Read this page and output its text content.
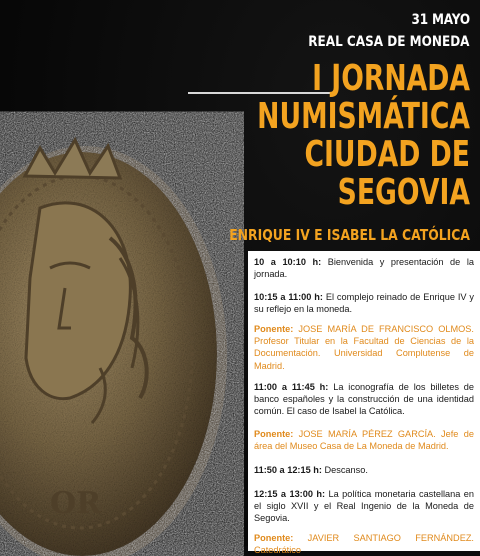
OR
31 MAYO
REAL CASA DE MONEDA
I JORNADA
NUMISMÁTICA
CIUDAD DE
SEGOVIA
ENRIQUE IV E ISABEL LA CATÓLICA
10 a 10:10 h: Bienvenida y presentación de la jornada.
10:15 a 11:00 h: El complejo reinado de Enrique IV y su reflejo en la moneda.
Ponente: JOSE MARÍA DE FRANCISCO OLMOS. Profesor Titular en la Facultad de Ciencias de la Documentación. Universidad Complutense de Madrid.
11:00 a 11:45 h: La iconografía de los billetes de banco españoles y la construcción de una identidad común. El caso de Isabel la Católica.
Ponente: JOSE MARÍA PÉREZ GARCÍA. Jefe de área del Museo Casa de La Moneda de Madrid.
11:50 a 12:15 h: Descanso.
12:15 a 13:00 h: La política monetaria castellana en el siglo XVII y el Real Ingenio de la Moneda de Segovia.
Ponente: JAVIER SANTIAGO FERNÁNDEZ. Catedrático
